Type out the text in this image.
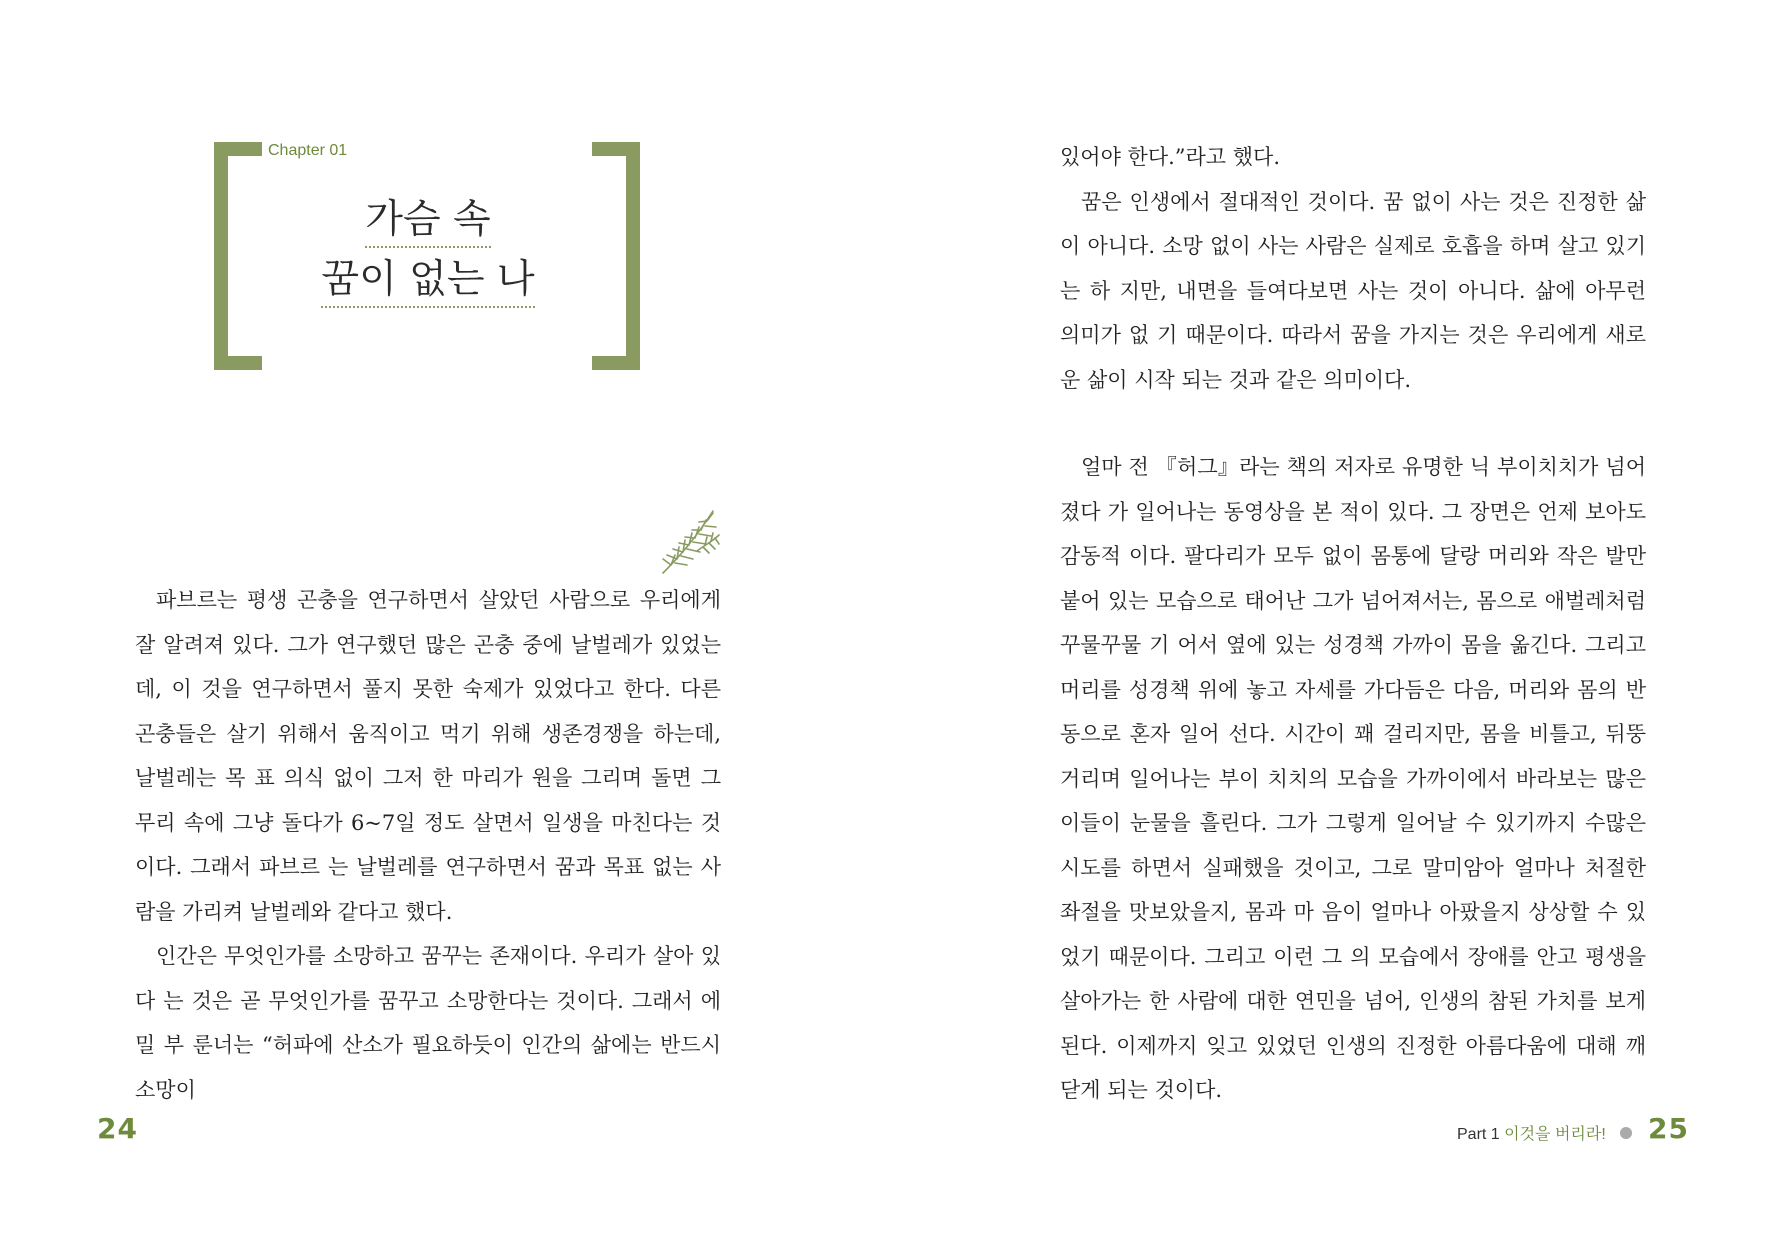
Chapter 01
가슴 속
꿈이 없는 나

파브르는 평생 곤충을 연구하면서 살았던 사람으로 우리에게 잘 알려져 있다. 그가 연구했던 많은 곤충 중에 날벌레가 있었는데, 이 것을 연구하면서 풀지 못한 숙제가 있었다고 한다. 다른 곤충들은 살기 위해서 움직이고 먹기 위해 생존경쟁을 하는데, 날벌레는 목 표 의식 없이 그저 한 마리가 원을 그리며 돌면 그 무리 속에 그냥 돌다가 6~7일 정도 살면서 일생을 마친다는 것이다. 그래서 파브르 는 날벌레를 연구하면서 꿈과 목표 없는 사람을 가리켜 날벌레와 같다고 했다.

인간은 무엇인가를 소망하고 꿈꾸는 존재이다. 우리가 살아 있다 는 것은 곧 무엇인가를 꿈꾸고 소망한다는 것이다. 그래서 에밀 부 룬너는 “허파에 산소가 필요하듯이 인간의 삶에는 반드시 소망이

24

있어야 한다.”라고 했다.

꿈은 인생에서 절대적인 것이다. 꿈 없이 사는 것은 진정한 삶이 아니다. 소망 없이 사는 사람은 실제로 호흡을 하며 살고 있기는 하 지만, 내면을 들여다보면 사는 것이 아니다. 삶에 아무런 의미가 없 기 때문이다. 따라서 꿈을 가지는 것은 우리에게 새로운 삶이 시작 되는 것과 같은 의미이다.

얼마 전 『허그』라는 책의 저자로 유명한 닉 부이치치가 넘어졌다 가 일어나는 동영상을 본 적이 있다. 그 장면은 언제 보아도 감동적 이다. 팔다리가 모두 없이 몸통에 달랑 머리와 작은 발만 붙어 있는 모습으로 태어난 그가 넘어져서는, 몸으로 애벌레처럼 꾸물꾸물 기 어서 옆에 있는 성경책 가까이 몸을 옮긴다. 그리고 머리를 성경책 위에 놓고 자세를 가다듬은 다음, 머리와 몸의 반동으로 혼자 일어 선다. 시간이 꽤 걸리지만, 몸을 비틀고, 뒤뚱거리며 일어나는 부이 치치의 모습을 가까이에서 바라보는 많은 이들이 눈물을 흘린다. 그가 그렇게 일어날 수 있기까지 수많은 시도를 하면서 실패했을 것이고, 그로 말미암아 얼마나 처절한 좌절을 맛보았을지, 몸과 마 음이 얼마나 아팠을지 상상할 수 있었기 때문이다. 그리고 이런 그 의 모습에서 장애를 안고 평생을 살아가는 한 사람에 대한 연민을 넘어, 인생의 참된 가치를 보게 된다. 이제까지 잊고 있었던 인생의 진정한 아름다움에 대해 깨닫게 되는 것이다.

Part 1 이것을 버리라! 25
